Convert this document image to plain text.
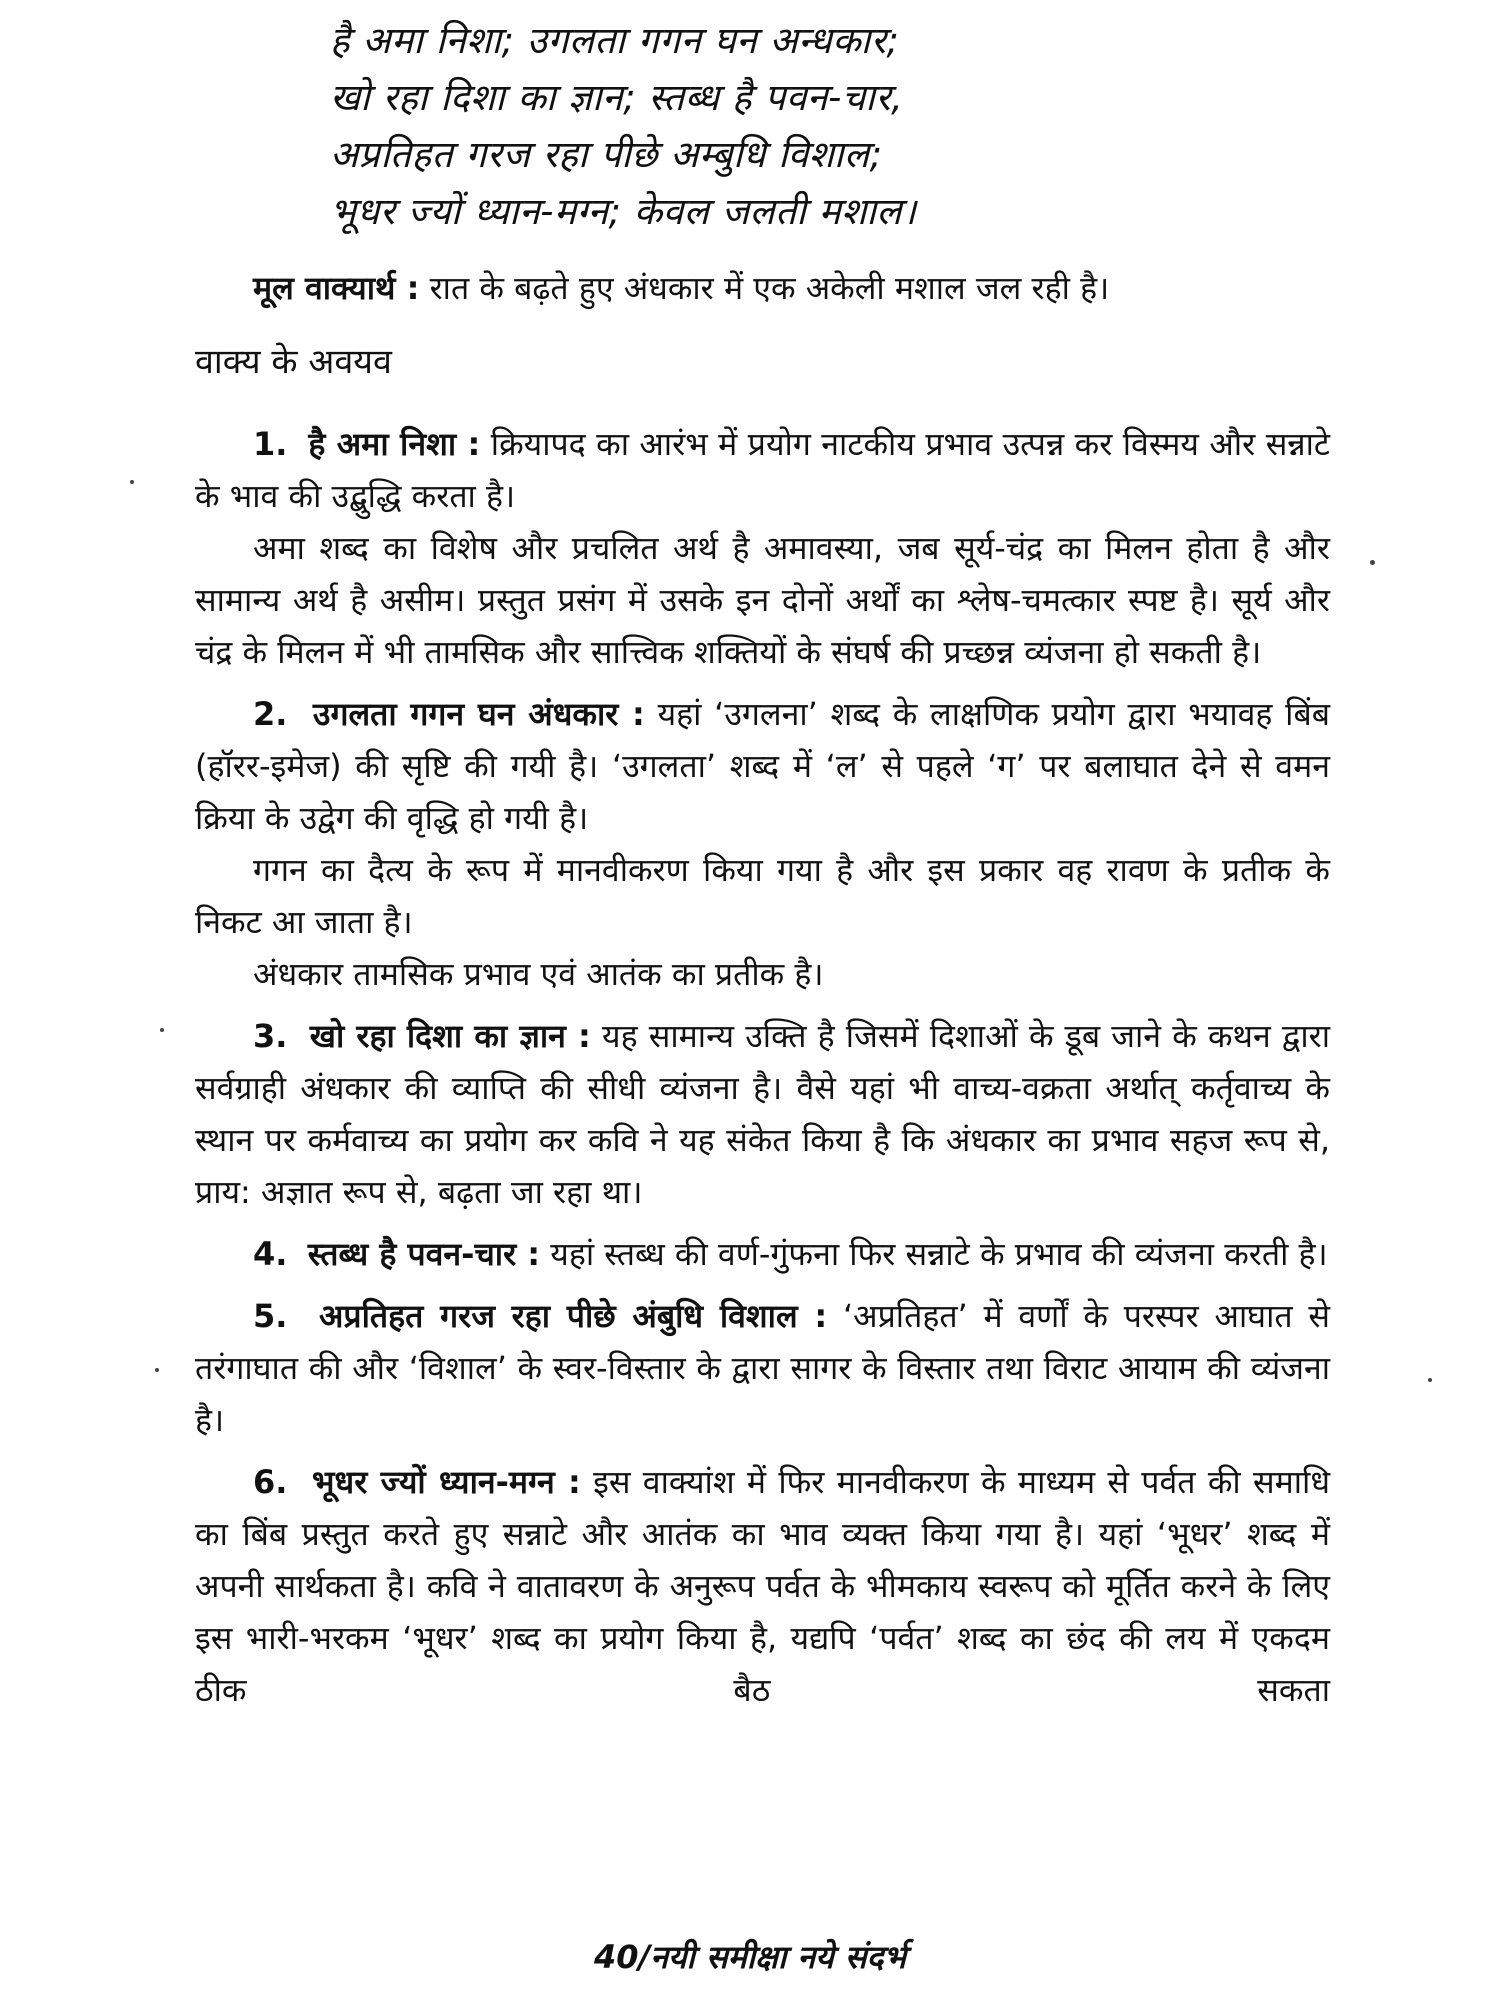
है अमा निशा; उगलता गगन घन अन्धकार;
खो रहा दिशा का ज्ञान; स्तब्ध है पवन-चार,
अप्रतिहत गरज रहा पीछे अम्बुधि विशाल;
भूधर ज्यों ध्यान-मग्न; केवल जलती मशाल।

मूल वाक्यार्थ : रात के बढ़ते हुए अंधकार में एक अकेली मशाल जल रही है।

वाक्य के अवयव

1. है अमा निशा : क्रियापद का आरंभ में प्रयोग नाटकीय प्रभाव उत्पन्न कर विस्मय और सन्नाटे के भाव की उद्बुद्धि करता है।

अमा शब्द का विशेष और प्रचलित अर्थ है अमावस्या, जब सूर्य-चंद्र का मिलन होता है और सामान्य अर्थ है असीम। प्रस्तुत प्रसंग में उसके इन दोनों अर्थों का श्लेष-चमत्कार स्पष्ट है। सूर्य और चंद्र के मिलन में भी तामसिक और सात्त्विक शक्तियों के संघर्ष की प्रच्छन्न व्यंजना हो सकती है।

2. उगलता गगन घन अंधकार : यहां ‘उगलना’ शब्द के लाक्षणिक प्रयोग द्वारा भयावह बिंब (हॉरर-इमेज) की सृष्टि की गयी है। ‘उगलता’ शब्द में ‘ल’ से पहले ‘ग’ पर बलाघात देने से वमन क्रिया के उद्वेग की वृद्धि हो गयी है।

गगन का दैत्य के रूप में मानवीकरण किया गया है और इस प्रकार वह रावण के प्रतीक के निकट आ जाता है।

अंधकार तामसिक प्रभाव एवं आतंक का प्रतीक है।

3. खो रहा दिशा का ज्ञान : यह सामान्य उक्ति है जिसमें दिशाओं के डूब जाने के कथन द्वारा सर्वग्राही अंधकार की व्याप्ति की सीधी व्यंजना है। वैसे यहां भी वाच्य-वक्रता अर्थात् कर्तृवाच्य के स्थान पर कर्मवाच्य का प्रयोग कर कवि ने यह संकेत किया है कि अंधकार का प्रभाव सहज रूप से, प्राय: अज्ञात रूप से, बढ़ता जा रहा था।

4. स्तब्ध है पवन-चार : यहां स्तब्ध की वर्ण-गुंफना फिर सन्नाटे के प्रभाव की व्यंजना करती है।

5. अप्रतिहत गरज रहा पीछे अंबुधि विशाल : ‘अप्रतिहत’ में वर्णों के परस्पर आघात से तरंगाघात की और ‘विशाल’ के स्वर-विस्तार के द्वारा सागर के विस्तार तथा विराट आयाम की व्यंजना है।

6. भूधर ज्यों ध्यान-मग्न : इस वाक्यांश में फिर मानवीकरण के माध्यम से पर्वत की समाधि का बिंब प्रस्तुत करते हुए सन्नाटे और आतंक का भाव व्यक्त किया गया है। यहां ‘भूधर’ शब्द में अपनी सार्थकता है। कवि ने वातावरण के अनुरूप पर्वत के भीमकाय स्वरूप को मूर्तित करने के लिए इस भारी-भरकम ‘भूधर’ शब्द का प्रयोग किया है, यद्यपि ‘पर्वत’ शब्द का छंद की लय में एकदम ठीक बैठ सकता

40/नयी समीक्षा नये संदर्भ
